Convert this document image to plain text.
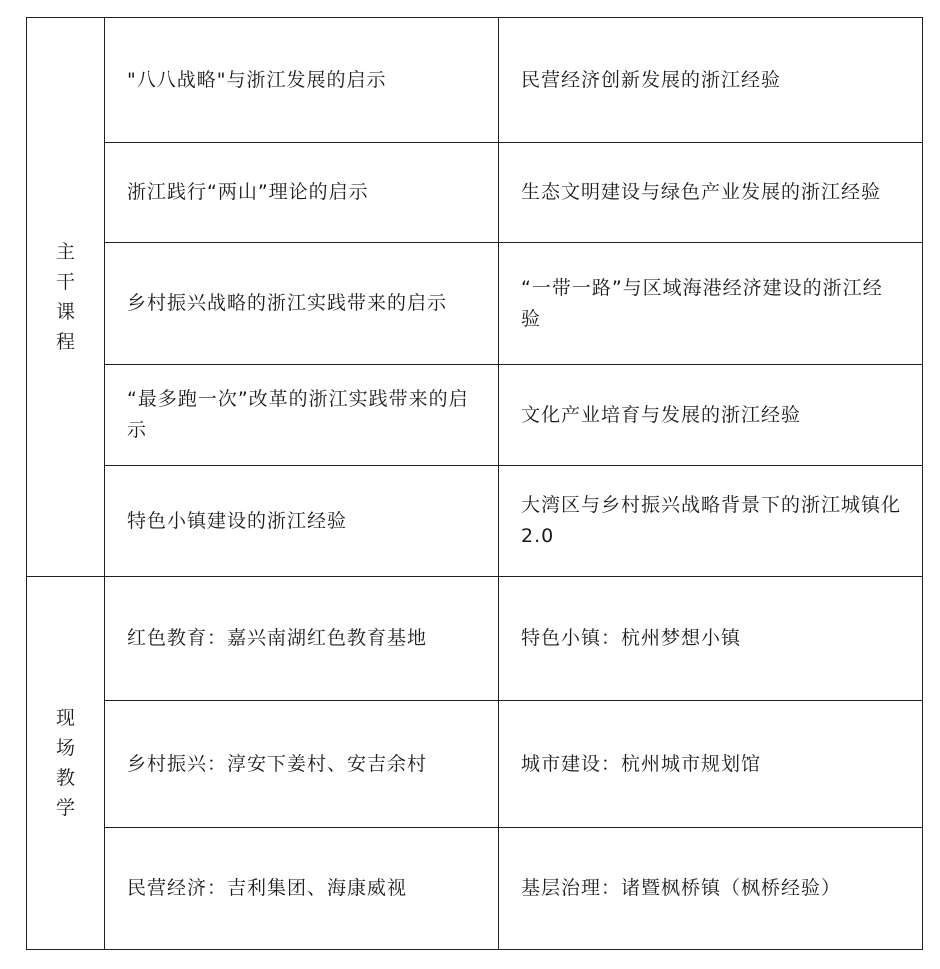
主干课程	"八八战略"与浙江发展的启示	民营经济创新发展的浙江经验
	浙江践行“两山”理论的启示	生态文明建设与绿色产业发展的浙江经验
	乡村振兴战略的浙江实践带来的启示	“一带一路”与区域海港经济建设的浙江经验
	“最多跑一次”改革的浙江实践带来的启示	文化产业培育与发展的浙江经验
	特色小镇建设的浙江经验	大湾区与乡村振兴战略背景下的浙江城镇化2.0
现场教学	红色教育：嘉兴南湖红色教育基地	特色小镇：杭州梦想小镇
	乡村振兴：淳安下姜村、安吉余村	城市建设：杭州城市规划馆
	民营经济：吉利集团、海康威视	基层治理：诸暨枫桥镇（枫桥经验）
